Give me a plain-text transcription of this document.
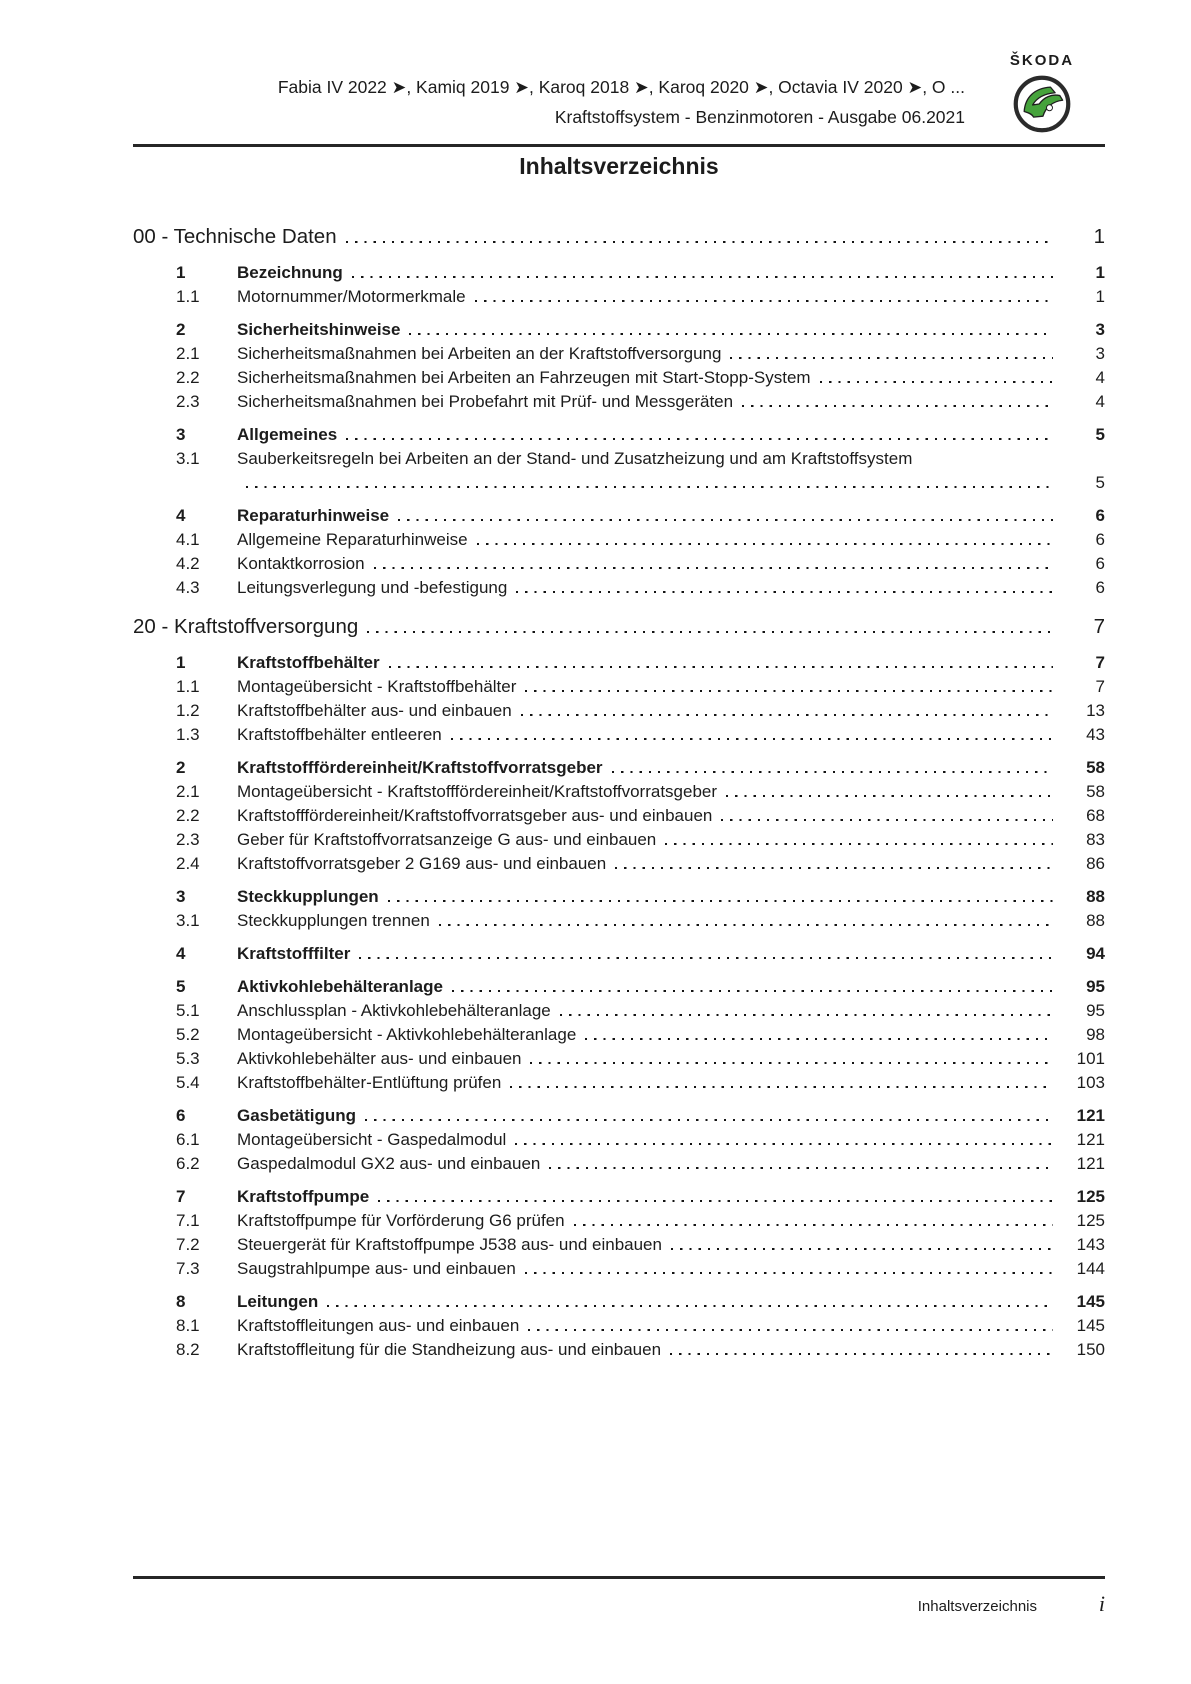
Fabia IV 2022 ➤, Kamiq 2019 ➤, Karoq 2018 ➤, Karoq 2020 ➤, Octavia IV 2020 ➤, O ...
Kraftstoffsystem - Benzinmotoren - Ausgabe 06.2021
ŠKODA
Inhaltsverzeichnis
00 - Technische Daten	1
1	Bezeichnung	1
1.1	Motornummer/Motormerkmale	1
2	Sicherheitshinweise	3
2.1	Sicherheitsmaßnahmen bei Arbeiten an der Kraftstoffversorgung	3
2.2	Sicherheitsmaßnahmen bei Arbeiten an Fahrzeugen mit Start-Stopp-System	4
2.3	Sicherheitsmaßnahmen bei Probefahrt mit Prüf- und Messgeräten	4
3	Allgemeines	5
3.1	Sauberkeitsregeln bei Arbeiten an der Stand- und Zusatzheizung und am Kraftstoffsystem
5
4	Reparaturhinweise	6
4.1	Allgemeine Reparaturhinweise	6
4.2	Kontaktkorrosion	6
4.3	Leitungsverlegung und -befestigung	6
20 - Kraftstoffversorgung	7
1	Kraftstoffbehälter	7
1.1	Montageübersicht - Kraftstoffbehälter	7
1.2	Kraftstoffbehälter aus- und einbauen	13
1.3	Kraftstoffbehälter entleeren	43
2	Kraftstofffördereinheit/Kraftstoffvorratsgeber	58
2.1	Montageübersicht - Kraftstofffördereinheit/Kraftstoffvorratsgeber	58
2.2	Kraftstofffördereinheit/Kraftstoffvorratsgeber aus- und einbauen	68
2.3	Geber für Kraftstoffvorratsanzeige G aus- und einbauen	83
2.4	Kraftstoffvorratsgeber 2 G169 aus- und einbauen	86
3	Steckkupplungen	88
3.1	Steckkupplungen trennen	88
4	Kraftstofffilter	94
5	Aktivkohlebehälteranlage	95
5.1	Anschlussplan - Aktivkohlebehälteranlage	95
5.2	Montageübersicht - Aktivkohlebehälteranlage	98
5.3	Aktivkohlebehälter aus- und einbauen	101
5.4	Kraftstoffbehälter-Entlüftung prüfen	103
6	Gasbetätigung	121
6.1	Montageübersicht - Gaspedalmodul	121
6.2	Gaspedalmodul GX2 aus- und einbauen	121
7	Kraftstoffpumpe	125
7.1	Kraftstoffpumpe für Vorförderung G6 prüfen	125
7.2	Steuergerät für Kraftstoffpumpe J538 aus- und einbauen	143
7.3	Saugstrahlpumpe aus- und einbauen	144
8	Leitungen	145
8.1	Kraftstoffleitungen aus- und einbauen	145
8.2	Kraftstoffleitung für die Standheizung aus- und einbauen	150
Inhaltsverzeichnis	i
